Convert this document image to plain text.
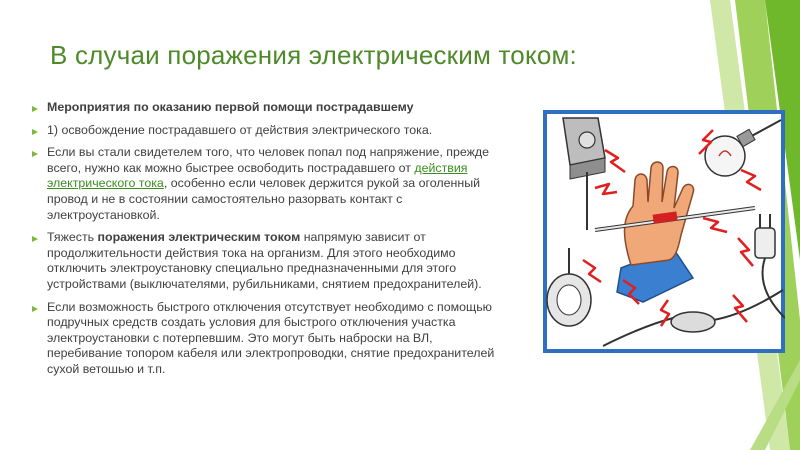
В случаи поражения электрическим током:
Мероприятия по оказанию первой помощи пострадавшему
1) освобождение пострадавшего от действия электрического тока.
Если вы стали свидетелем того, что человек попал под напряжение, прежде всего, нужно как можно быстрее освободить пострадавшего от действия электрического тока, особенно если человек держится рукой за оголенный провод и не в состоянии самостоятельно разорвать контакт с электроустановкой.
Тяжесть поражения электрическим током напрямую зависит от продолжительности действия тока на организм. Для этого необходимо отключить электроустановку специально предназначенными для этого устройствами (выключателями, рубильниками, снятием предохранителей).
Если возможность быстрого отключения отсутствует необходимо с помощью подручных средств создать условия для быстрого отключения участка электроустановки с потерпевшим. Это могут быть наброски на ВЛ, перебивание топором кабеля или электропроводки, снятие предохранителей сухой ветошью и т.п.
